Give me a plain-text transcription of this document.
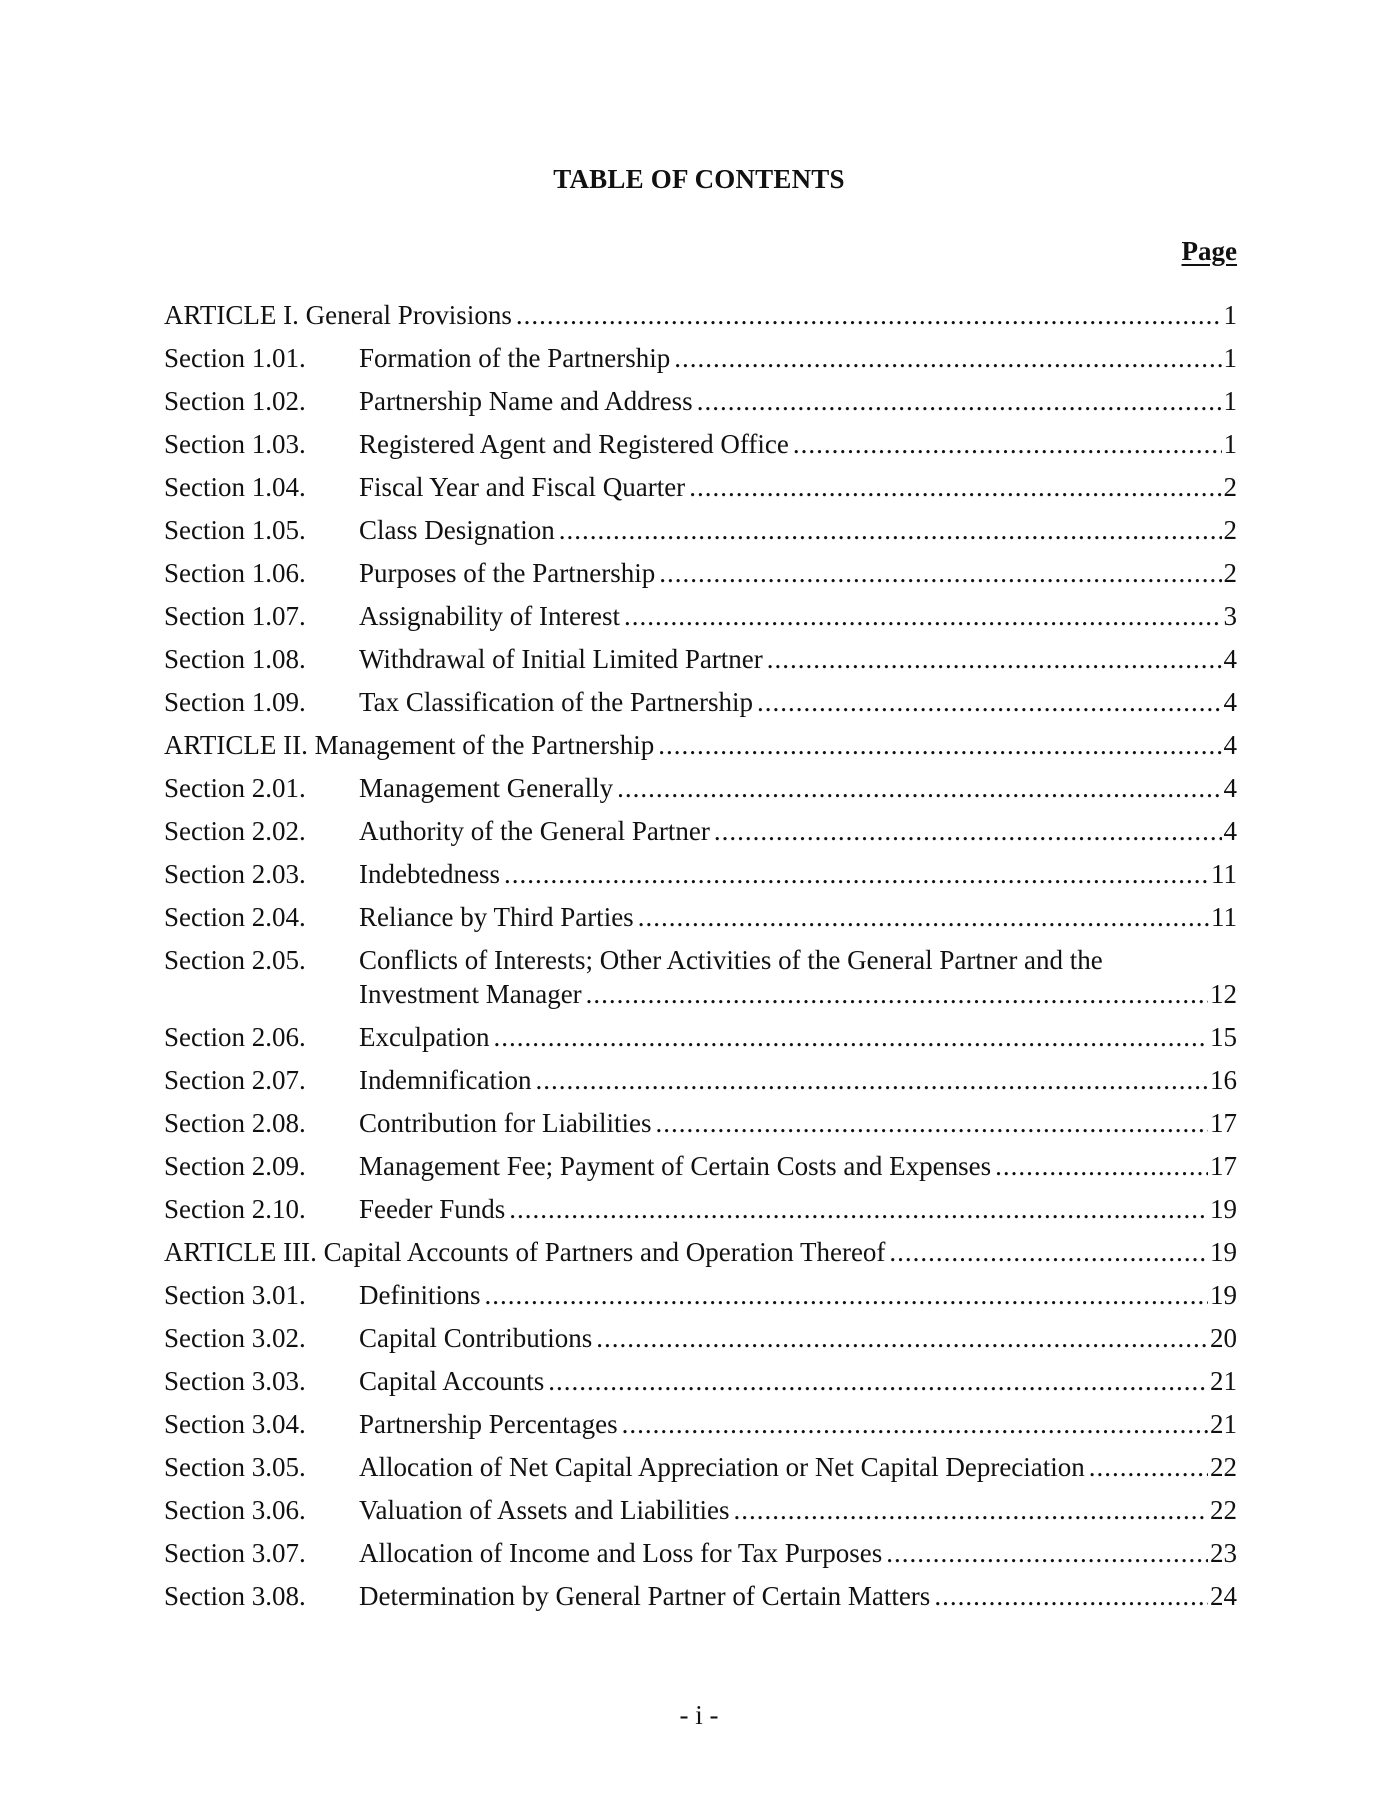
TABLE OF CONTENTS
Page
ARTICLE I. General Provisions .....	1
Section 1.01.	Formation of the Partnership .....	1
Section 1.02.	Partnership Name and Address .....	1
Section 1.03.	Registered Agent and Registered Office .....	1
Section 1.04.	Fiscal Year and Fiscal Quarter .....	2
Section 1.05.	Class Designation .....	2
Section 1.06.	Purposes of the Partnership .....	2
Section 1.07.	Assignability of Interest .....	3
Section 1.08.	Withdrawal of Initial Limited Partner .....	4
Section 1.09.	Tax Classification of the Partnership .....	4
ARTICLE II. Management of the Partnership .....	4
Section 2.01.	Management Generally .....	4
Section 2.02.	Authority of the General Partner .....	4
Section 2.03.	Indebtedness .....	11
Section 2.04.	Reliance by Third Parties .....	11
Section 2.05.	Conflicts of Interests; Other Activities of the General Partner and the
Investment Manager .....	12
Section 2.06.	Exculpation .....	15
Section 2.07.	Indemnification .....	16
Section 2.08.	Contribution for Liabilities .....	17
Section 2.09.	Management Fee; Payment of Certain Costs and Expenses .....	17
Section 2.10.	Feeder Funds .....	19
ARTICLE III. Capital Accounts of Partners and Operation Thereof .....	19
Section 3.01.	Definitions .....	19
Section 3.02.	Capital Contributions .....	20
Section 3.03.	Capital Accounts .....	21
Section 3.04.	Partnership Percentages .....	21
Section 3.05.	Allocation of Net Capital Appreciation or Net Capital Depreciation .....	22
Section 3.06.	Valuation of Assets and Liabilities .....	22
Section 3.07.	Allocation of Income and Loss for Tax Purposes .....	23
Section 3.08.	Determination by General Partner of Certain Matters .....	24
- i -
